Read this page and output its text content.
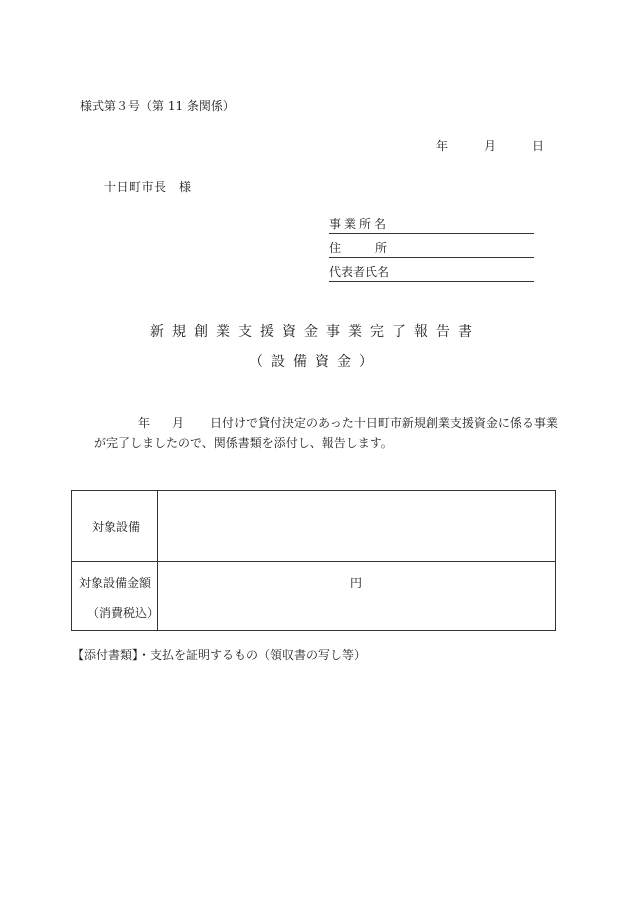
様式第３号（第 11 条関係）
年	月	日
十日町市長　様
事業所名
住所
代表者氏名
新規創業支援資金事業完了報告書
（設備資金）
年 月 日付けで貸付決定のあった十日町市新規創業支援資金に係る事業
が完了しましたので、関係書類を添付し、報告します。
対象設備
対象設備金額
（消費税込）
円
【添付書類】・支払を証明するもの（領収書の写し等）
